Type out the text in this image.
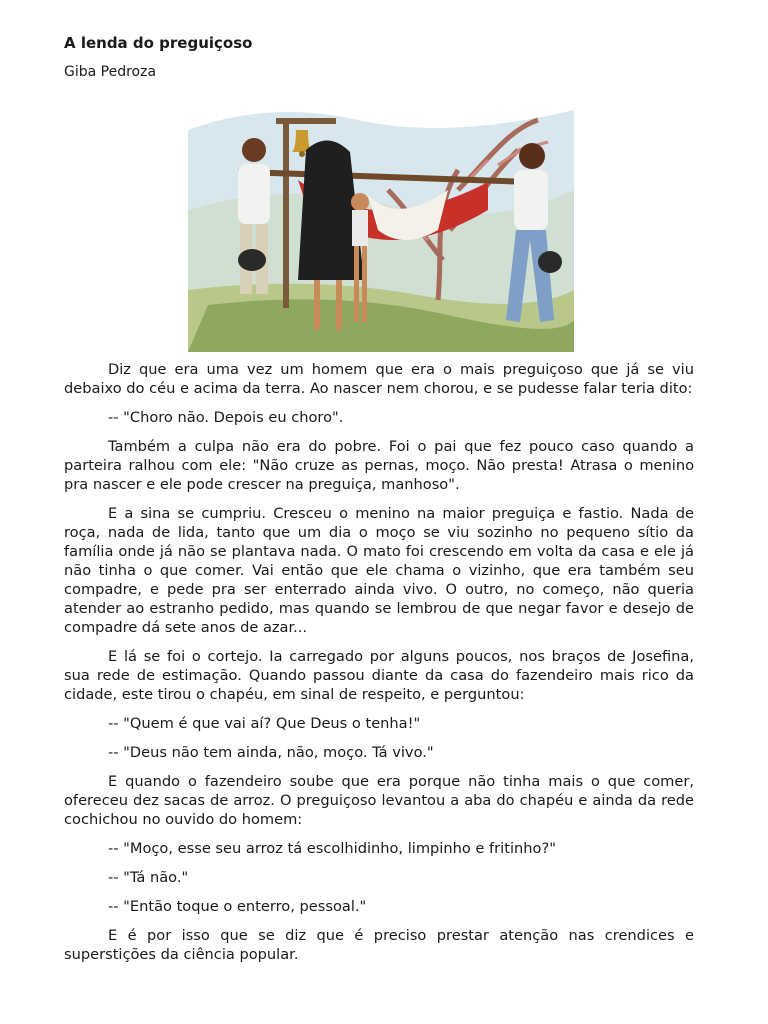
A lenda do preguiçoso

Giba Pedroza

Diz que era uma vez um homem que era o mais preguiçoso que já se viu debaixo do céu e acima da terra. Ao nascer nem chorou, e se pudesse falar teria dito:

-- "Choro não. Depois eu choro".

Também a culpa não era do pobre. Foi o pai que fez pouco caso quando a parteira ralhou com ele: "Não cruze as pernas, moço. Não presta! Atrasa o menino pra nascer e ele pode crescer na preguiça, manhoso".

E a sina se cumpriu. Cresceu o menino na maior preguiça e fastio. Nada de roça, nada de lida, tanto que um dia o moço se viu sozinho no pequeno sítio da família onde já não se plantava nada. O mato foi crescendo em volta da casa e ele já não tinha o que comer. Vai então que ele chama o vizinho, que era também seu compadre, e pede pra ser enterrado ainda vivo. O outro, no começo, não queria atender ao estranho pedido, mas quando se lembrou de que negar favor e desejo de compadre dá sete anos de azar...

E lá se foi o cortejo. Ia carregado por alguns poucos, nos braços de Josefina, sua rede de estimação. Quando passou diante da casa do fazendeiro mais rico da cidade, este tirou o chapéu, em sinal de respeito, e perguntou:

-- "Quem é que vai aí? Que Deus o tenha!"

-- "Deus não tem ainda, não, moço. Tá vivo."

E quando o fazendeiro soube que era porque não tinha mais o que comer, ofereceu dez sacas de arroz. O preguiçoso levantou a aba do chapéu e ainda da rede cochichou no ouvido do homem:

-- "Moço, esse seu arroz tá escolhidinho, limpinho e fritinho?"

-- "Tá não."

-- "Então toque o enterro, pessoal."

E é por isso que se diz que é preciso prestar atenção nas crendices e superstições da ciência popular.
